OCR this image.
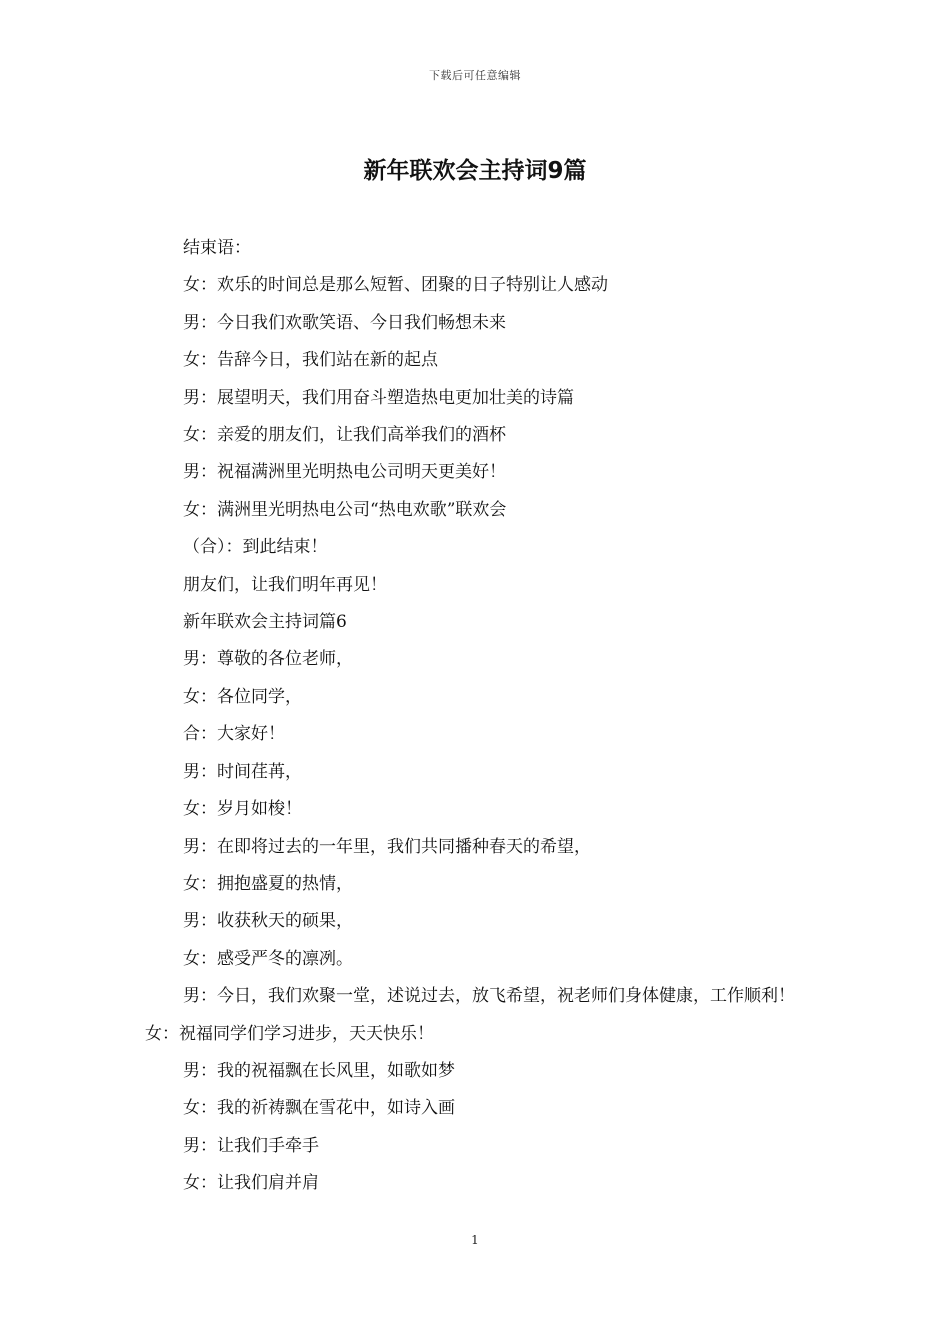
下载后可任意编辑
新年联欢会主持词9篇

结束语：

女：欢乐的时间总是那么短暂、团聚的日子特别让人感动

男：今日我们欢歌笑语、今日我们畅想未来

女：告辞今日，我们站在新的起点

男：展望明天，我们用奋斗塑造热电更加壮美的诗篇

女：亲爱的朋友们，让我们高举我们的酒杯

男：祝福满洲里光明热电公司明天更美好！

女：满洲里光明热电公司“热电欢歌”联欢会

（合）：到此结束！

朋友们，让我们明年再见！

新年联欢会主持词篇6

男：尊敬的各位老师，

女：各位同学，

合：大家好！

男：时间荏苒，

女：岁月如梭！

男：在即将过去的一年里，我们共同播种春天的希望，

女：拥抱盛夏的热情，

男：收获秋天的硕果，

女：感受严冬的凛冽。

男：今日，我们欢聚一堂，述说过去，放飞希望，祝老师们身体健康，工作顺利！女：祝福同学们学习进步，天天快乐！

男：我的祝福飘在长风里，如歌如梦

女：我的祈祷飘在雪花中，如诗入画

男：让我们手牵手

女：让我们肩并肩

1
